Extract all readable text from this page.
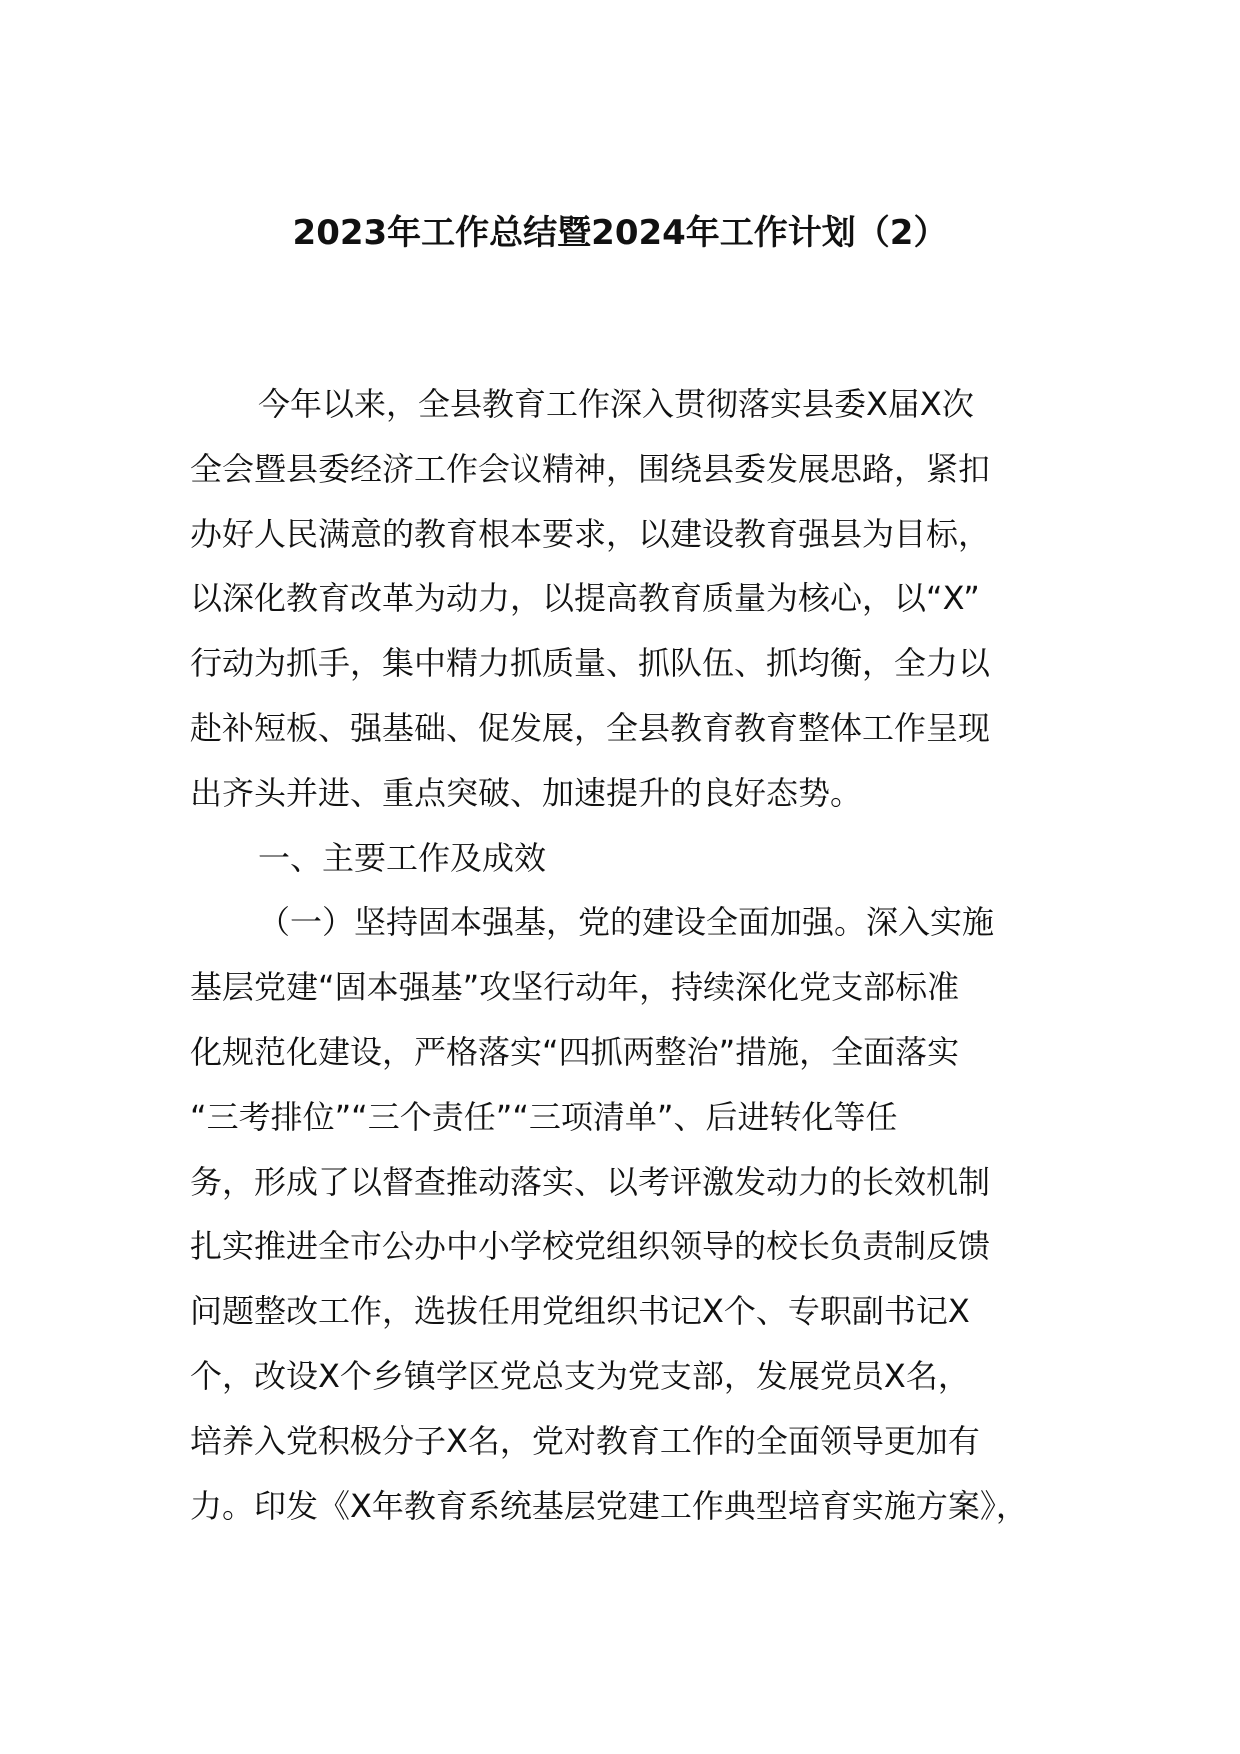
2023年工作总结暨2024年工作计划（2）
今年以来，全县教育工作深入贯彻落实县委X届X次
全会暨县委经济工作会议精神，围绕县委发展思路，紧扣
办好人民满意的教育根本要求，以建设教育强县为目标，
以深化教育改革为动力，以提高教育质量为核心，以“X”
行动为抓手，集中精力抓质量、抓队伍、抓均衡，全力以
赴补短板、强基础、促发展，全县教育教育整体工作呈现
出齐头并进、重点突破、加速提升的良好态势。
一、主要工作及成效
（一）坚持固本强基，党的建设全面加强。深入实施
基层党建“固本强基”攻坚行动年，持续深化党支部标准
化规范化建设，严格落实“四抓两整治”措施，全面落实
“三考排位”“三个责任”“三项清单”、后进转化等任
务，形成了以督查推动落实、以考评激发动力的长效机制
扎实推进全市公办中小学校党组织领导的校长负责制反馈
问题整改工作，选拔任用党组织书记X个、专职副书记X
个，改设X个乡镇学区党总支为党支部，发展党员X名，
培养入党积极分子X名，党对教育工作的全面领导更加有
力。印发《X年教育系统基层党建工作典型培育实施方案》，
